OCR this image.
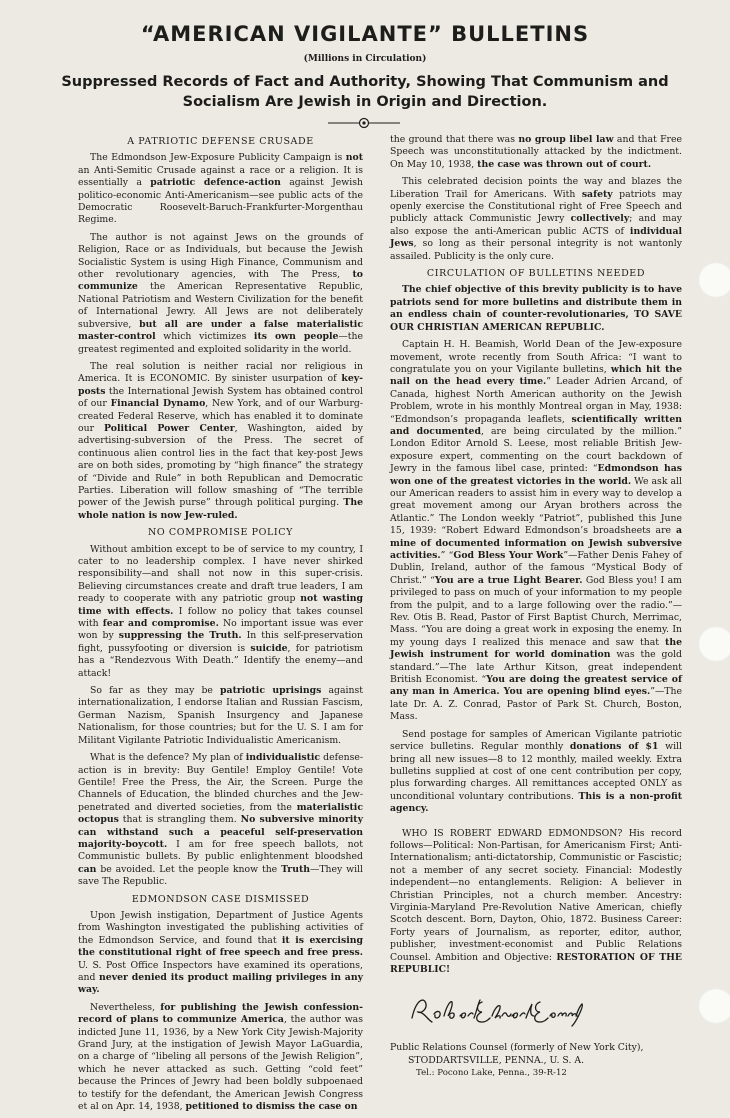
“AMERICAN VIGILANTE” BULLETINS
(Millions in Circulation)
Suppressed Records of Fact and Authority, Showing That Communism and Socialism Are Jewish in Origin and Direction.
A PATRIOTIC DEFENSE CRUSADE

The Edmondson Jew-Exposure Publicity Campaign is not an Anti-Semitic Crusade against a race or a religion. It is essentially a patriotic defence-action against Jewish politico-economic Anti-Americanism—see public acts of the Democratic Roosevelt-Baruch-Frankfurter-Morgenthau Regime.

The author is not against Jews on the grounds of Religion, Race or as Individuals, but because the Jewish Socialistic System is using High Finance, Communism and other revolutionary agencies, with The Press, to communize the American Representative Republic, National Patriotism and Western Civilization for the benefit of International Jewry. All Jews are not deliberately subversive, but all are under a false materialistic master-control which victimizes its own people—the greatest regimented and exploited solidarity in the world.

The real solution is neither racial nor religious in America. It is ECONOMIC. By sinister usurpation of key-posts the International Jewish System has obtained control of our Financial Dynamo, New York, and of our Warburg-created Federal Reserve, which has enabled it to dominate our Political Power Center, Washington, aided by advertising-subversion of the Press. The secret of continuous alien control lies in the fact that key-post Jews are on both sides, promoting by “high finance” the strategy of “Divide and Rule” in both Republican and Democratic Parties. Liberation will follow smashing of “The terrible power of the Jewish purse” through political purging. The whole nation is now Jew-ruled.

NO COMPROMISE POLICY

Without ambition except to be of service to my country, I cater to no leadership complex. I have never shirked responsibility—and shall not now in this super-crisis. Believing circumstances create and draft true leaders, I am ready to cooperate with any patriotic group not wasting time with effects. I follow no policy that takes counsel with fear and compromise. No important issue was ever won by suppressing the Truth. In this self-preservation fight, pussyfooting or diversion is suicide, for patriotism has a “Rendezvous With Death.” Identify the enemy—and attack!

So far as they may be patriotic uprisings against internationalization, I endorse Italian and Russian Fascism, German Nazism, Spanish Insurgency and Japanese Nationalism, for those countries; but for the U. S. I am for Militant Vigilante Patriotic Individualistic Americanism.

What is the defence? My plan of individualistic defense-action is in brevity: Buy Gentile! Employ Gentile! Vote Gentile! Free the Press, the Air, the Screen. Purge the Channels of Education, the blinded churches and the Jew-penetrated and diverted societies, from the materialistic octopus that is strangling them. No subversive minority can withstand such a peaceful self-preservation majority-boycott. I am for free speech ballots, not Communistic bullets. By public enlightenment bloodshed can be avoided. Let the people know the Truth—They will save The Republic.

EDMONDSON CASE DISMISSED

Upon Jewish instigation, Department of Justice Agents from Washington investigated the publishing activities of the Edmondson Service, and found that it is exercising the constitutional right of free speech and free press. U. S. Post Office Inspectors have examined its operations, and never denied its product mailing privileges in any way.

Nevertheless, for publishing the Jewish confession-record of plans to communize America, the author was indicted June 11, 1936, by a New York City Jewish-Majority Grand Jury, at the instigation of Jewish Mayor LaGuardia, on a charge of “libeling all persons of the Jewish Religion”, which he never attacked as such. Getting “cold feet” because the Princes of Jewry had been boldly subpoenaed to testify for the defendant, the American Jewish Congress et al on Apr. 14, 1938, petitioned to dismiss the case on

the ground that there was no group libel law and that Free Speech was unconstitutionally attacked by the indictment. On May 10, 1938, the case was thrown out of court.

This celebrated decision points the way and blazes the Liberation Trail for Americans. With safety patriots may openly exercise the Constitutional right of Free Speech and publicly attack Communistic Jewry collectively; and may also expose the anti-American public ACTS of individual Jews, so long as their personal integrity is not wantonly assailed. Publicity is the only cure.

CIRCULATION OF BULLETINS NEEDED

The chief objective of this brevity publicity is to have patriots send for more bulletins and distribute them in an endless chain of counter-revolutionaries, TO SAVE OUR CHRISTIAN AMERICAN REPUBLIC.

Captain H. H. Beamish, World Dean of the Jew-exposure movement, wrote recently from South Africa: “I want to congratulate you on your Vigilante bulletins, which hit the nail on the head every time.” Leader Adrien Arcand, of Canada, highest North American authority on the Jewish Problem, wrote in his monthly Montreal organ in May, 1938: “Edmondson’s propaganda leaflets, scientifically written and documented, are being circulated by the million.” London Editor Arnold S. Leese, most reliable British Jew-exposure expert, commenting on the court backdown of Jewry in the famous libel case, printed: “Edmondson has won one of the greatest victories in the world. We ask all our American readers to assist him in every way to develop a great movement among our Aryan brothers across the Atlantic.” The London weekly “Patriot”, published this June 15, 1939: “Robert Edward Edmondson’s broadsheets are a mine of documented information on Jewish subversive activities.” “God Bless Your Work”—Father Denis Fahey of Dublin, Ireland, author of the famous “Mystical Body of Christ.” “You are a true Light Bearer. God Bless you! I am privileged to pass on much of your information to my people from the pulpit, and to a large following over the radio.”—Rev. Otis B. Read, Pastor of First Baptist Church, Merrimac, Mass. “You are doing a great work in exposing the enemy. In my young days I realized this menace and saw that the Jewish instrument for world domination was the gold standard.”—The late Arthur Kitson, great independent British Economist. “You are doing the greatest service of any man in America. You are opening blind eyes.”—The late Dr. A. Z. Conrad, Pastor of Park St. Church, Boston, Mass.

Send postage for samples of American Vigilante patriotic service bulletins. Regular monthly donations of $1 will bring all new issues—8 to 12 monthly, mailed weekly. Extra bulletins supplied at cost of one cent contribution per copy, plus forwarding charges. All remittances accepted ONLY as unconditional voluntary contributions. This is a non-profit agency.

WHO IS ROBERT EDWARD EDMONDSON? His record follows—Political: Non-Partisan, for Americanism First; Anti-Internationalism; anti-dictatorship, Communistic or Fascistic; not a member of any secret society. Financial: Modestly independent—no entanglements. Religion: A believer in Christian Principles, not a church member. Ancestry: Virginia-Maryland Pre-Revolution Native American, chiefly Scotch descent. Born, Dayton, Ohio, 1872. Business Career: Forty years of Journalism, as reporter, editor, author, publisher, investment-economist and Public Relations Counsel. Ambition and Objective: RESTORATION OF THE REPUBLIC!

Public Relations Counsel (formerly of New York City),

STODDARTSVILLE, PENNA., U. S. A.

Tel.: Pocono Lake, Penna., 39-R-12
